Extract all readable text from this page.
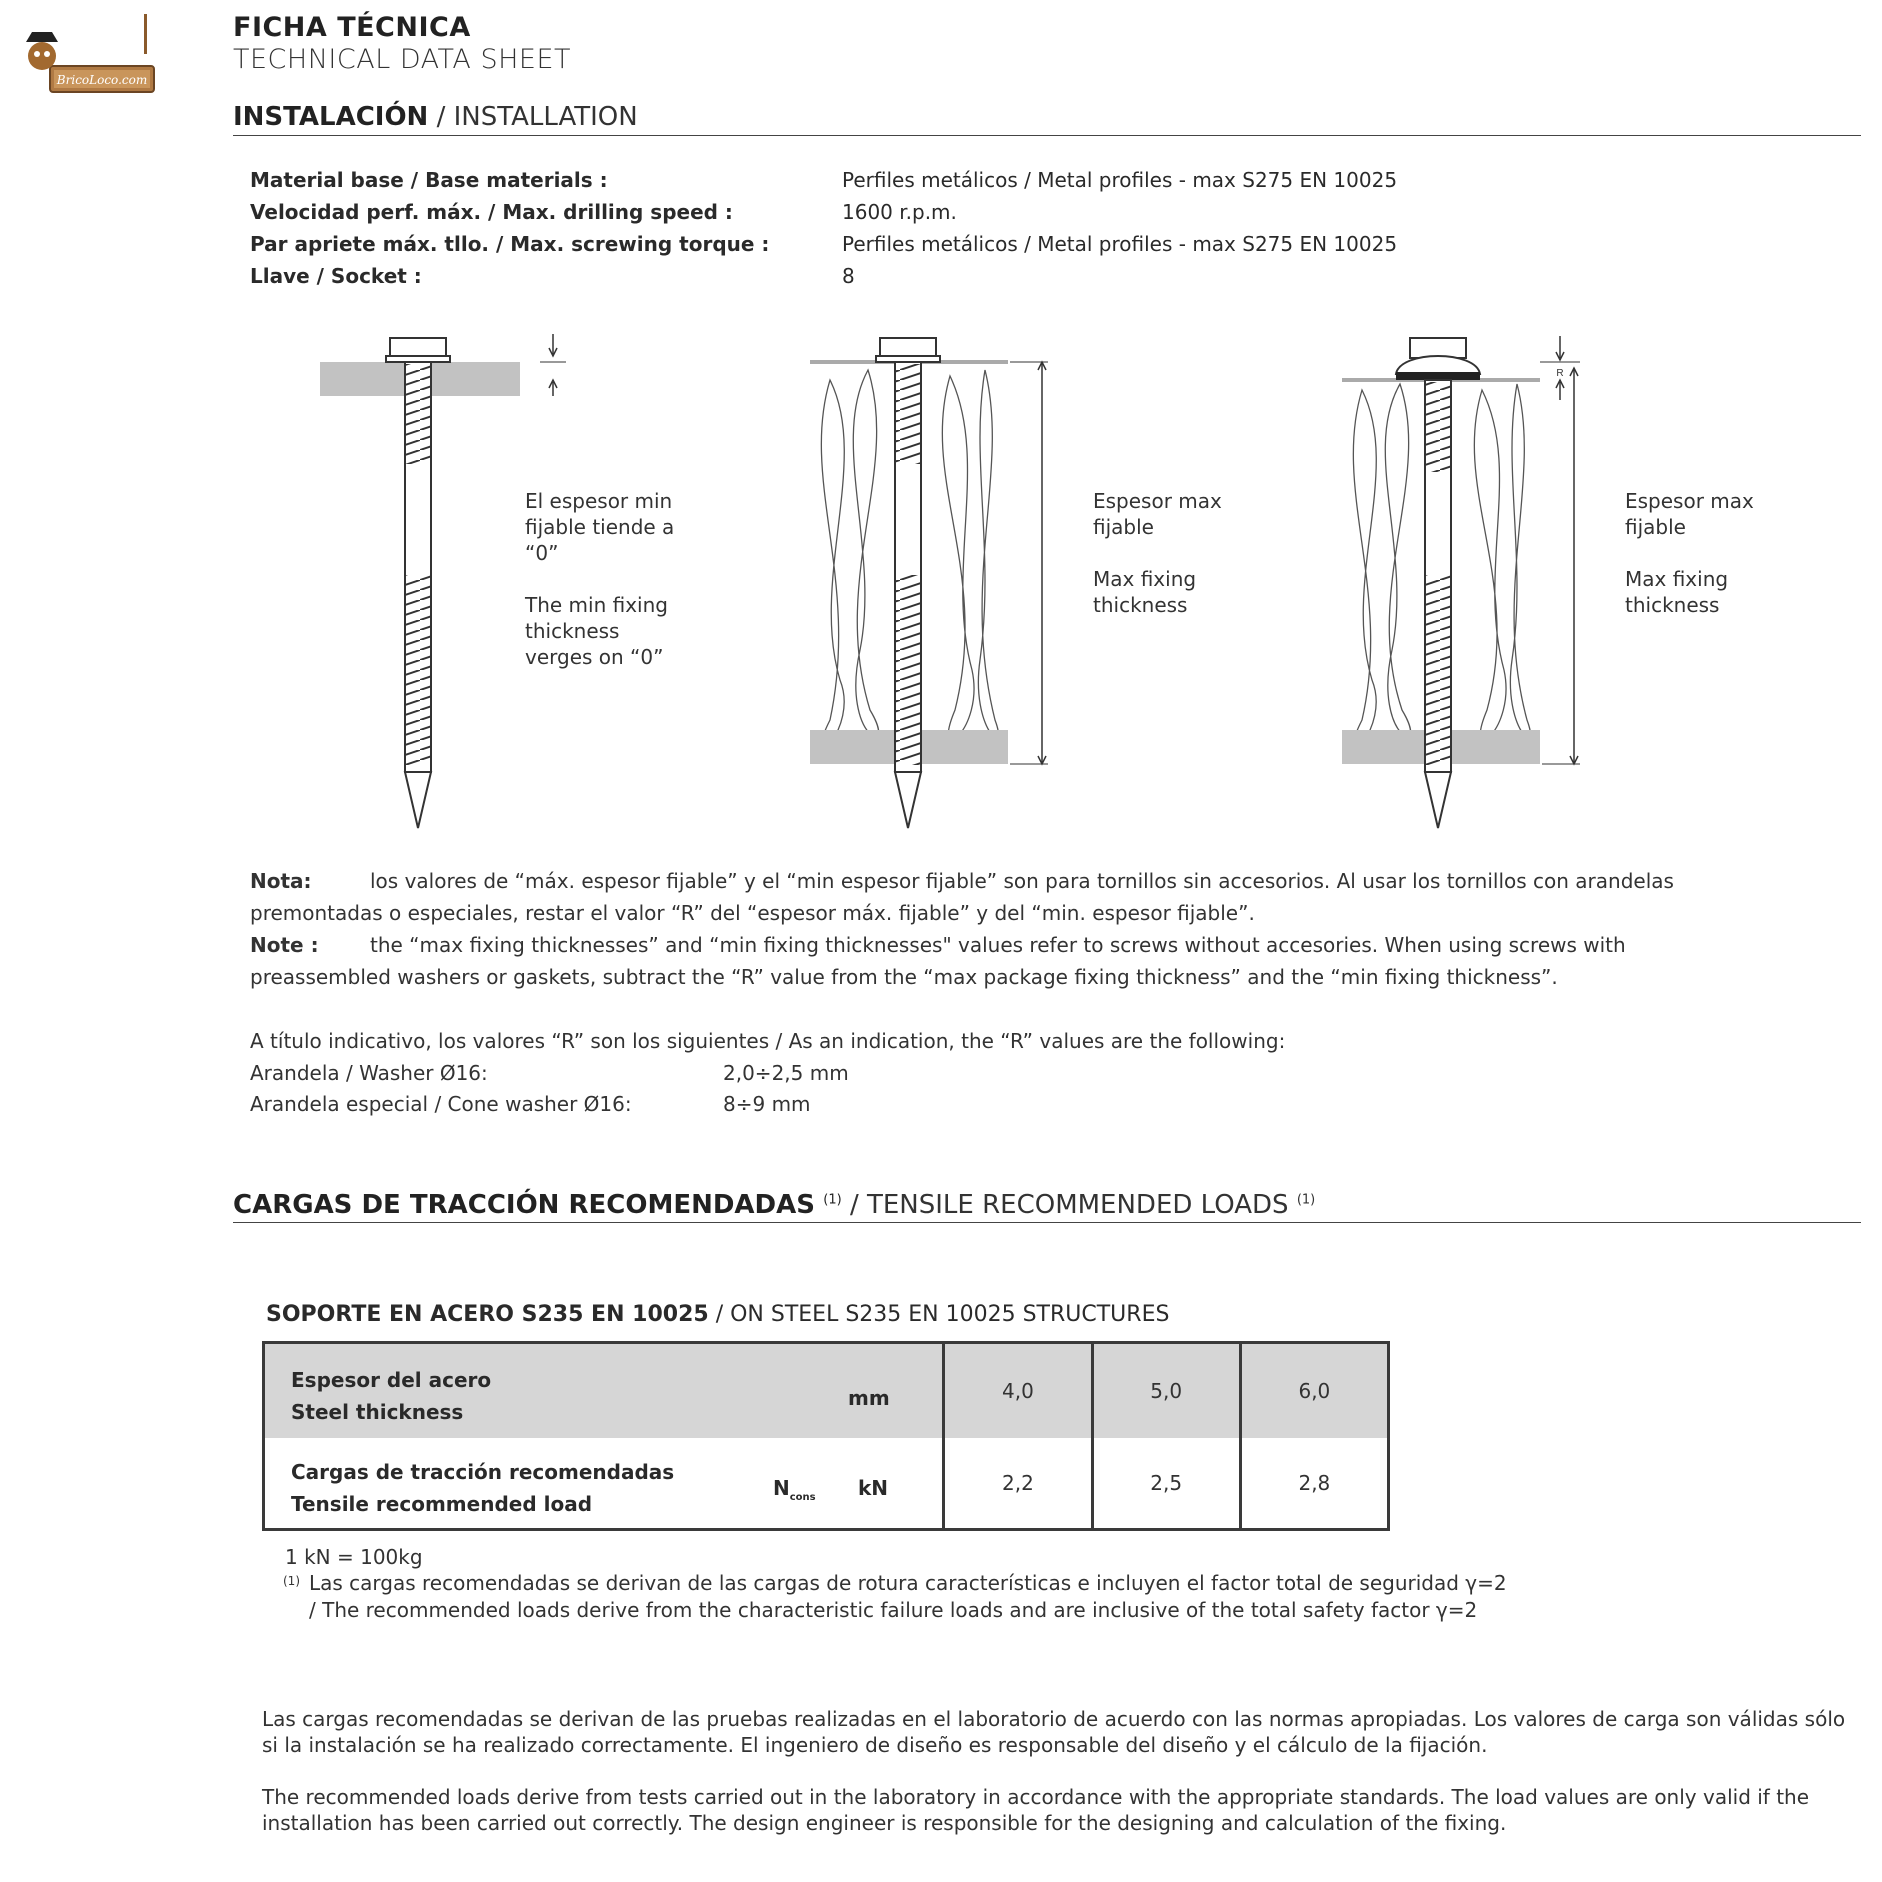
BricoLoco.com
FICHA TÉCNICA
TECHNICAL DATA SHEET
INSTALACIÓN / INSTALLATION
Material base / Base materials :	Perfiles metálicos / Metal profiles - max S275 EN 10025
Velocidad perf. máx. / Max. drilling speed :	1600 r.p.m.
Par apriete máx. tllo. / Max. screwing torque :	Perfiles metálicos / Metal profiles - max S275 EN 10025
Llave / Socket :	8
R
El espesor min
fijable tiende a
“0”
The min fixing
thickness
verges on “0”
Espesor max
fijable
Max fixing
thickness
Espesor max
fijable
Max fixing
thickness
Nota:	los valores de “máx. espesor fijable” y el “min espesor fijable” son para tornillos sin accesorios. Al usar los tornillos con arandelas premontadas o especiales, restar el valor “R” del “espesor máx. fijable” y del “min. espesor fijable”.
Note :	the “max fixing thicknesses” and “min fixing thicknesses" values refer to screws without accesories. When using screws with preassembled washers or gaskets, subtract the “R” value from the “max package fixing thickness” and the “min fixing thickness”.
A título indicativo, los valores “R” son los siguientes / As an indication, the “R” values are the following:
Arandela / Washer Ø16:	2,0÷2,5 mm
Arandela especial / Cone washer Ø16:	8÷9 mm
CARGAS DE TRACCIÓN RECOMENDADAS $^{(1)}$ / TENSILE RECOMMENDED LOADS $^{(1)}$
SOPORTE EN ACERO S235 EN 10025 / ON STEEL S235 EN 10025 STRUCTURES
Espesor del acero
Steel thickness
mm	4,0	5,0	6,0

Cargas de tracción recomendadas
Tensile recommended load
$N_{cons}$ kN	2,2	2,5	2,8
1 kN = 100kg
(1) Las cargas recomendadas se derivan de las cargas de rotura características e incluyen el factor total de seguridad γ=2
/ The recommended loads derive from the characteristic failure loads and are inclusive of the total safety factor γ=2
Las cargas recomendadas se derivan de las pruebas realizadas en el laboratorio de acuerdo con las normas apropiadas. Los valores de carga son válidas sólo si la instalación se ha realizado correctamente. El ingeniero de diseño es responsable del diseño y el cálculo de la fijación.
The recommended loads derive from tests carried out in the laboratory in accordance with the appropriate standards. The load values are only valid if the installation has been carried out correctly. The design engineer is responsible for the designing and calculation of the fixing.
